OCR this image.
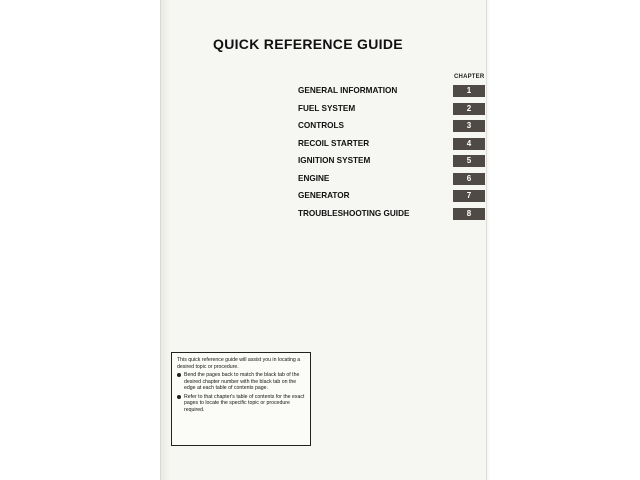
QUICK REFERENCE GUIDE
CHAPTER
GENERAL INFORMATION	1
FUEL SYSTEM	2
CONTROLS	3
RECOIL STARTER	4
IGNITION SYSTEM	5
ENGINE	6
GENERATOR	7
TROUBLESHOOTING GUIDE	8

This quick reference guide will assist you in locating a desired topic or procedure.

Bend the pages back to match the black tab of the desired chapter number with the black tab on the edge at each table of contents page.
Refer to that chapter's table of contents for the exact pages to locate the specific topic or procedure required.
